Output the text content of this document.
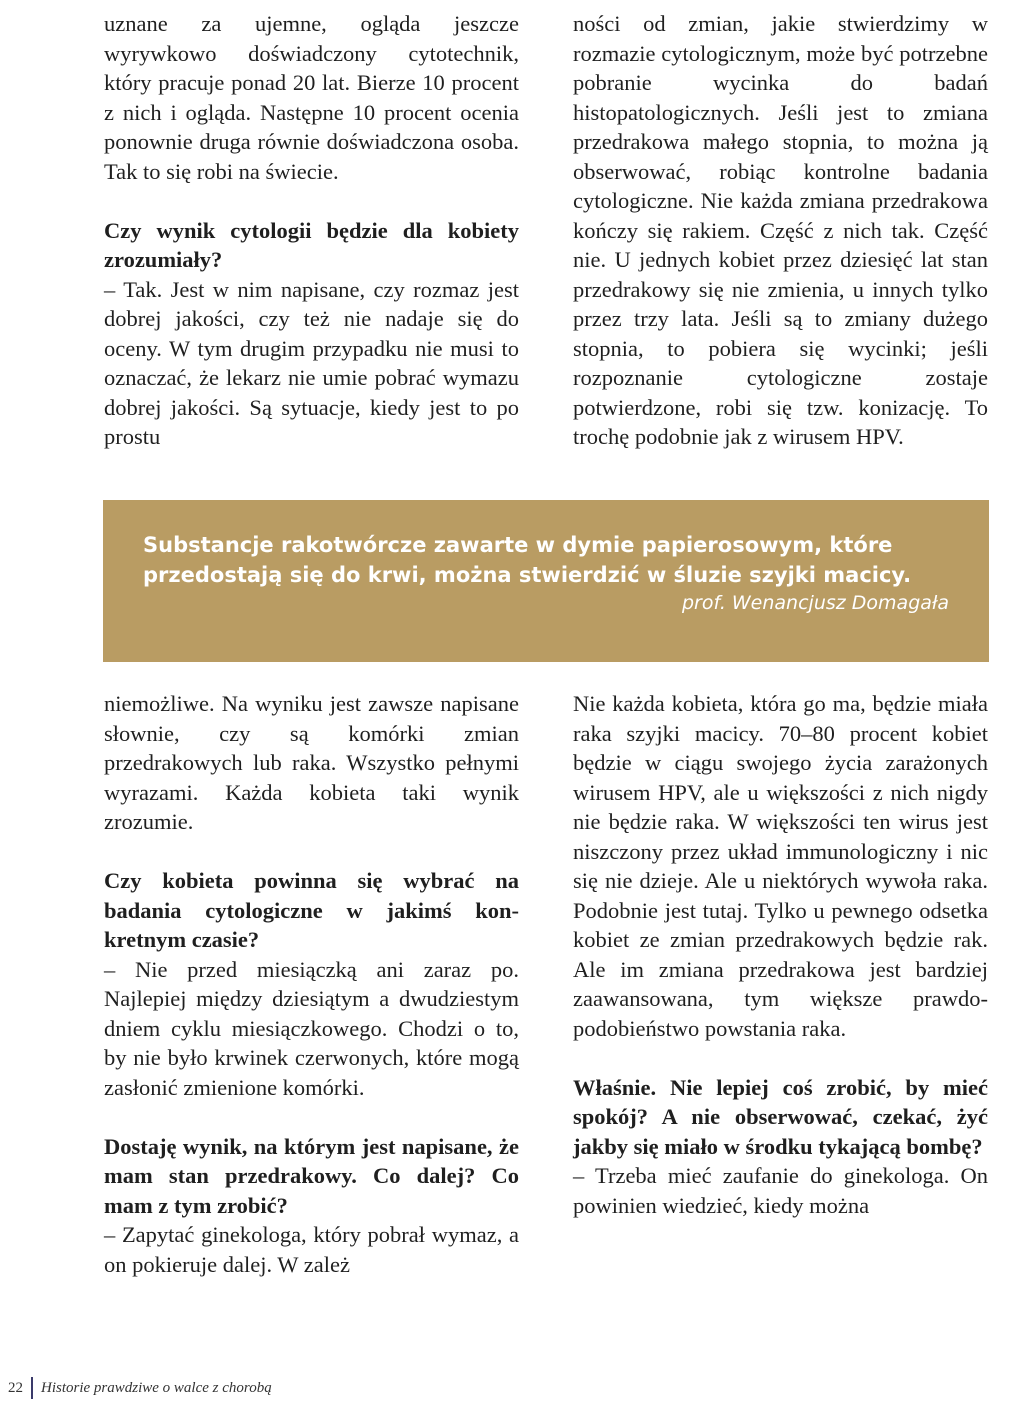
uznane za ujemne, ogląda jeszcze wyrywkowo doświadczony cytotechnik, który pracuje ponad 20 lat. Bierze 10 procent z nich i ogląda. Następne 10 procent ocenia ponownie druga równie doświadczona osoba. Tak to się robi na świecie.

Czy wynik cytologii będzie dla kobiety zrozumiały?

– Tak. Jest w nim napisane, czy rozmaz jest dobrej jakości, czy też nie nadaje się do oceny. W tym drugim przypadku nie musi to oznaczać, że lekarz nie umie pobrać wymazu dobrej jakości. Są sytuacje, kiedy jest to po prostu

ności od zmian, jakie stwierdzimy w rozmazie cytologicznym, może być potrzebne pobranie wycinka do badań histopatologicznych. Jeśli jest to zmiana przedrakowa małego stopnia, to można ją obserwować, robiąc kontrolne badania cytologiczne. Nie każda zmiana przedrakowa kończy się rakiem. Część z nich tak. Część nie. U jednych kobiet przez dziesięć lat stan przedrakowy się nie zmienia, u innych tylko przez trzy lata. Jeśli są to zmiany dużego stopnia, to pobiera się wycinki; jeśli rozpoznanie cytologiczne zostaje potwierdzone, robi się tzw. konizację. To trochę podobnie jak z wirusem HPV.

Substancje rakotwórcze zawarte w dymie papierosowym, które przedostają się do krwi, można stwierdzić w śluzie szyjki macicy.

prof. Wenancjusz Domagała

niemożliwe. Na wyniku jest zawsze napisane słownie, czy są komórki zmian przedrakowych lub raka. Wszystko pełnymi wyrazami. Każda kobieta taki wynik zrozumie.

Czy kobieta powinna się wybrać na badania cytologiczne w jakimś konkretnym czasie?

– Nie przed miesiączką ani zaraz po. Najlepiej między dziesiątym a dwudziestym dniem cyklu miesiączkowego. Chodzi o to, by nie było krwinek czerwonych, które mogą zasłonić zmienione komórki.

Dostaję wynik, na którym jest napisane, że mam stan przedrakowy. Co dalej? Co mam z tym zrobić?

– Zapytać ginekologa, który pobrał wymaz, a on pokieruje dalej. W zależ

Nie każda kobieta, która go ma, będzie miała raka szyjki macicy. 70–80 procent kobiet będzie w ciągu swojego życia zarażonych wirusem HPV, ale u większości z nich nigdy nie będzie raka. W większości ten wirus jest niszczony przez układ immunologiczny i nic się nie dzieje. Ale u niektórych wywoła raka. Podobnie jest tutaj. Tylko u pewnego odsetka kobiet ze zmian przedrakowych będzie rak. Ale im zmiana przedrakowa jest bardziej zaawansowana, tym większe prawdopodobieństwo powstania raka.

Właśnie. Nie lepiej coś zrobić, by mieć spokój? A nie obserwować, czekać, żyć jakby się miało w środku tykającą bombę?

– Trzeba mieć zaufanie do ginekologa. On powinien wiedzieć, kiedy można

22 Historie prawdziwe o walce z chorobą
